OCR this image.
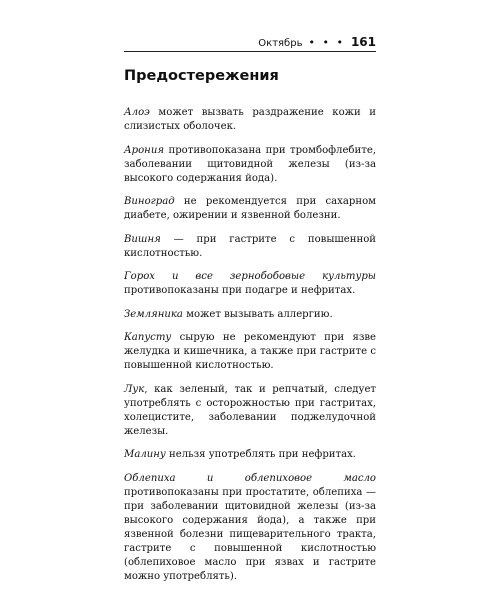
Октябрь • • • 161
Предостережения

Алоэ может вызвать раздражение кожи и слизистых оболочек.

Арония противопоказана при тромбофлебите, заболевании щитовидной железы (из-за высокого содержания йода).

Виноград не рекомендуется при сахарном диабете, ожирении и язвенной болезни.

Вишня — при гастрите с повышенной кислотностью.

Горох и все зернобобовые культуры противопоказаны при подагре и нефритах.

Земляника может вызывать аллергию.

Капусту сырую не рекомендуют при язве желудка и кишечника, а также при гастрите с повышенной кислотностью.

Лук, как зеленый, так и репчатый, следует употреблять с осторожностью при гастритах, холецистите, заболевании поджелудочной железы.

Малину нельзя употреблять при нефритах.

Облепиха и облепиховое масло противопоказаны при простатите, облепиха — при заболевании щитовидной железы (из-за высокого содержания йода), а также при язвенной болезни пищеварительного тракта, гастрите с повышенной кислотностью (облепиховое масло при язвах и гастрите можно употреблять).
